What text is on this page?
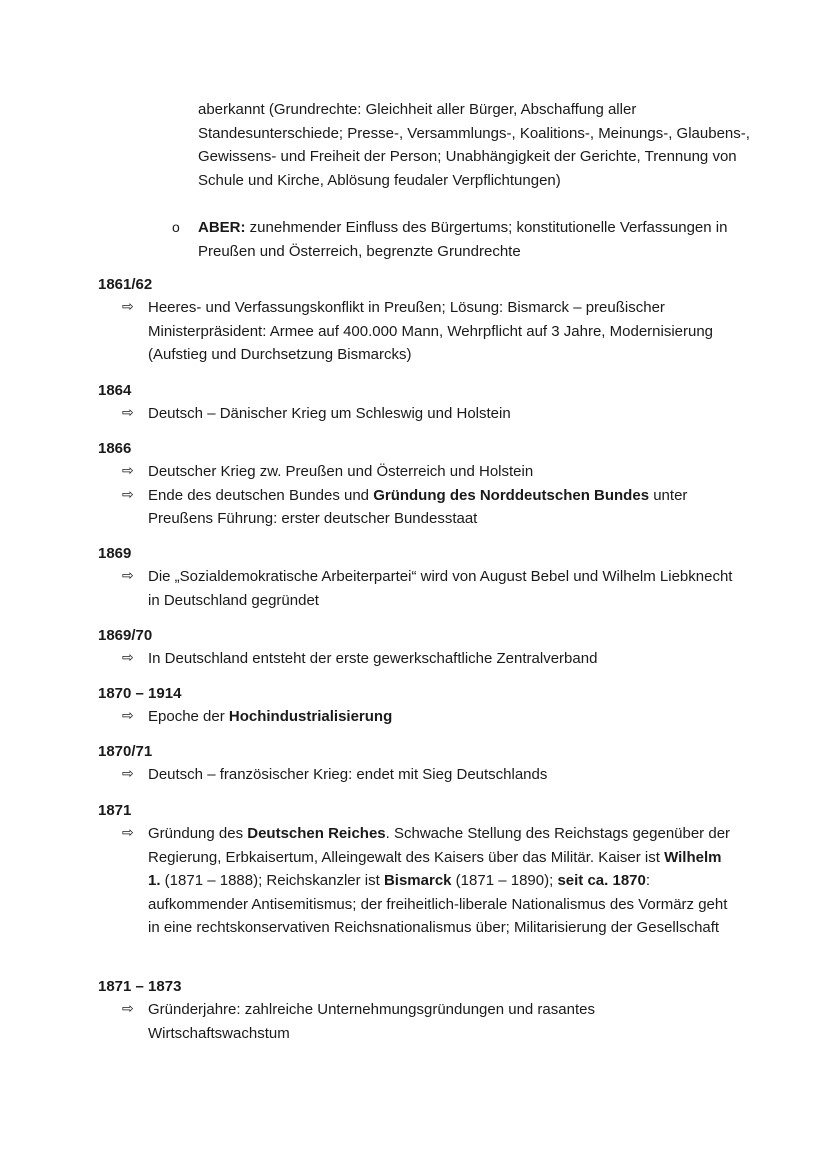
aberkannt (Grundrechte: Gleichheit aller Bürger, Abschaffung aller Standesunterschiede; Presse-, Versammlungs-, Koalitions-, Meinungs-, Glaubens-, Gewissens- und Freiheit der Person; Unabhängigkeit der Gerichte, Trennung von Schule und Kirche, Ablösung feudaler Verpflichtungen)

o ABER: zunehmender Einfluss des Bürgertums; konstitutionelle Verfassungen in Preußen und Österreich, begrenzte Grundrechte
1861/62
⇨ Heeres- und Verfassungskonflikt in Preußen; Lösung: Bismarck – preußischer Ministerpräsident: Armee auf 400.000 Mann, Wehrpflicht auf 3 Jahre, Modernisierung (Aufstieg und Durchsetzung Bismarcks)
1864
⇨ Deutsch – Dänischer Krieg um Schleswig und Holstein
1866
⇨ Deutscher Krieg zw. Preußen und Österreich und Holstein
⇨ Ende des deutschen Bundes und Gründung des Norddeutschen Bundes unter Preußens Führung: erster deutscher Bundesstaat
1869
⇨ Die „Sozialdemokratische Arbeiterpartei“ wird von August Bebel und Wilhelm Liebknecht in Deutschland gegründet
1869/70
⇨ In Deutschland entsteht der erste gewerkschaftliche Zentralverband
1870 – 1914
⇨ Epoche der Hochindustrialisierung
1870/71
⇨ Deutsch – französischer Krieg: endet mit Sieg Deutschlands
1871
⇨ Gründung des Deutschen Reiches. Schwache Stellung des Reichstags gegenüber der Regierung, Erbkaisertum, Alleingewalt des Kaisers über das Militär. Kaiser ist Wilhelm 1. (1871 – 1888); Reichskanzler ist Bismarck (1871 – 1890); seit ca. 1870: aufkommender Antisemitismus; der freiheitlich-liberale Nationalismus des Vormärz geht in eine rechtskonservativen Reichsnationalismus über; Militarisierung der Gesellschaft
1871 – 1873
⇨ Gründerjahre: zahlreiche Unternehmungsgründungen und rasantes Wirtschaftswachstum
